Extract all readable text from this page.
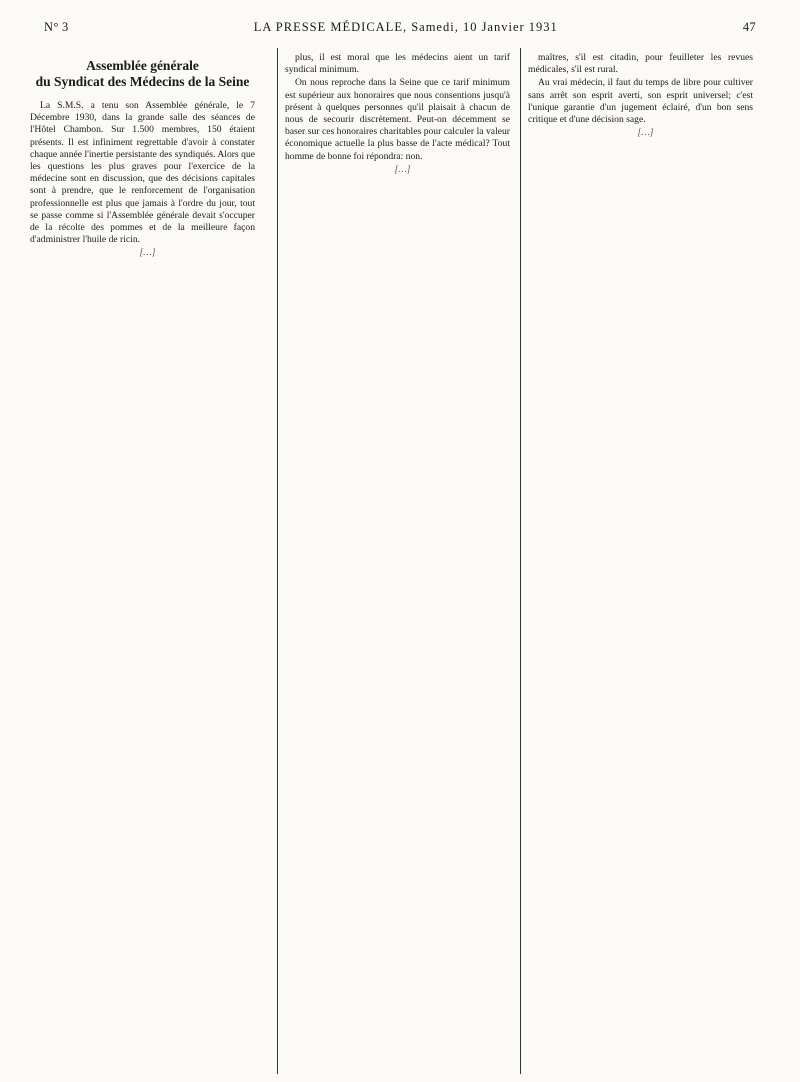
N° 3	LA PRESSE MÉDICALE, Samedi, 10 Janvier 1931	47
Assemblée générale
du Syndicat des Médecins de la Seine

La S.M.S. a tenu son Assemblée générale, le 7 Décembre 1930, dans la grande salle des séances de l'Hôtel Chambon. Sur 1.500 membres, 150 étaient présents. Il est infiniment regrettable d'avoir à constater chaque année l'inertie persistante des syndiqués. Alors que les questions les plus graves pour l'exercice de la médecine sont en discussion, que des décisions capitales sont à prendre, que le renforcement de l'organisation professionnelle est plus que jamais à l'ordre du jour, tout se passe comme si l'Assemblée générale devait s'occuper de la récolte des pommes et de la meilleure façon d'administrer l'huile de ricin.

[…]

plus, il est moral que les médecins aient un tarif syndical minimum.

On nous reproche dans la Seine que ce tarif minimum est supérieur aux honoraires que nous consentions jusqu'à présent à quelques personnes qu'il plaisait à chacun de nous de secourir discrètement. Peut-on décemment se baser sur ces honoraires charitables pour calculer la valeur économique actuelle la plus basse de l'acte médical? Tout homme de bonne foi répondra: non.

[…]

maîtres, s'il est citadin, pour feuilleter les revues médicales, s'il est rural.

Au vrai médecin, il faut du temps de libre pour cultiver sans arrêt son esprit averti, son esprit universel; c'est l'unique garantie d'un jugement éclairé, d'un bon sens critique et d'une décision sage.

[…]
